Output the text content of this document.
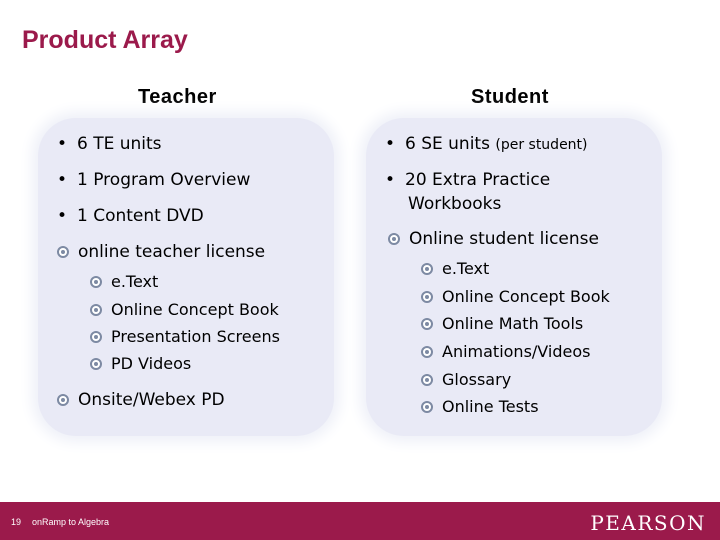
Product Array
Teacher	Student
• 6 TE units
• 1 Program Overview
• 1 Content DVD
online teacher license
e.Text
Online Concept Book
Presentation Screens
PD Videos
Onsite/Webex PD
• 6 SE units (per student)
• 20 Extra Practice
Workbooks
Online student license
e.Text
Online Concept Book
Online Math Tools
Animations/Videos
Glossary
Online Tests
19 onRamp to Algebra	PEARSON
